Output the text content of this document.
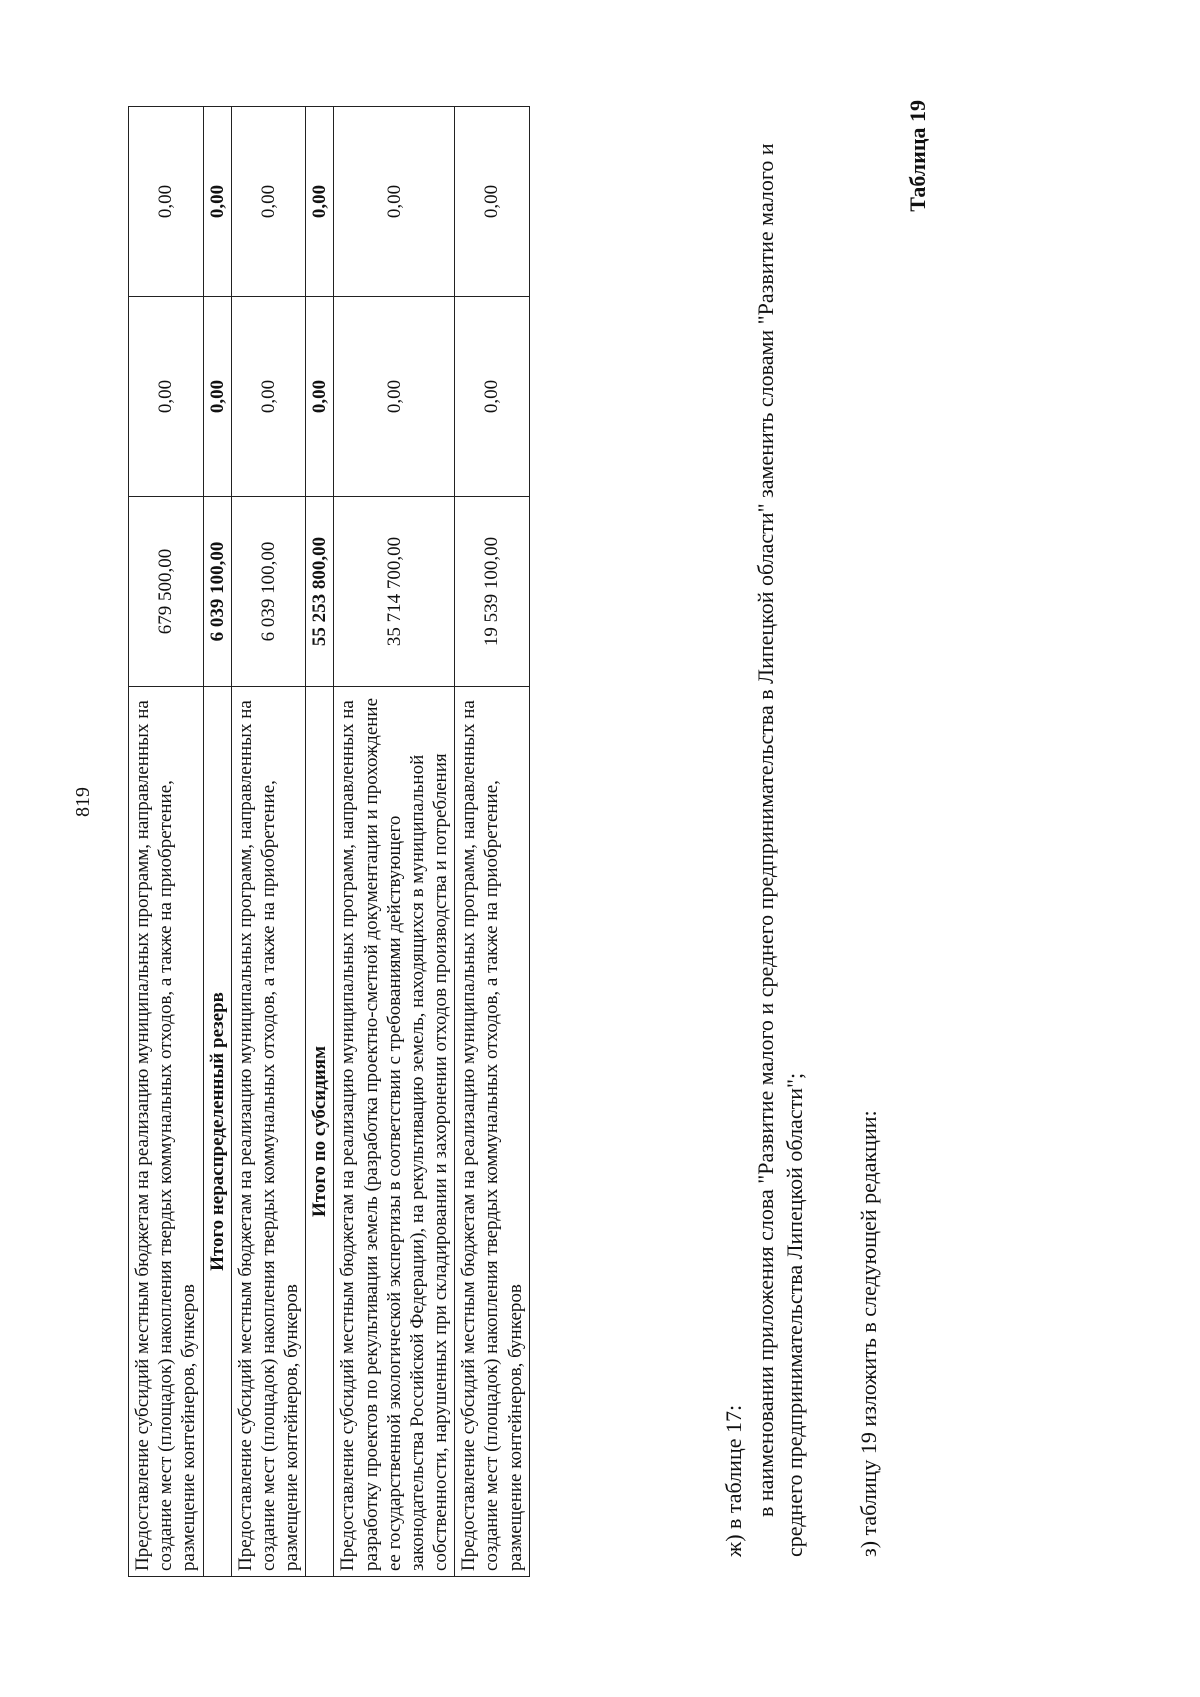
819 Предоставление субсидий местным бюджетам на реализацию муниципальных программ, направленных на создание мест (площадок) накопления твердых коммунальных отходов, а также на приобретение, размещение контейнеров, бункеров	679 500,00	0,00	0,00
Итого нераспределенный резерв	6 039 100,00	0,00	0,00
Предоставление субсидий местным бюджетам на реализацию муниципальных программ, направленных на создание мест (площадок) накопления твердых коммунальных отходов, а также на приобретение, размещение контейнеров, бункеров	6 039 100,00	0,00	0,00
Итого по субсидиям	55 253 800,00	0,00	0,00
Предоставление субсидий местным бюджетам на реализацию муниципальных программ, направленных на разработку проектов по рекультивации земель (разработка проектно-сметной документации и прохождение ее государственной экологической экспертизы в соответствии с требованиями действующего законодательства Российской Федерации), на рекультивацию земель, находящихся в муниципальной собственности, нарушенных при складировании и захоронении отходов производства и потребления	35 714 700,00	0,00	0,00
Предоставление субсидий местным бюджетам на реализацию муниципальных программ, направленных на создание мест (площадок) накопления твердых коммунальных отходов, а также на приобретение, размещение контейнеров, бункеров	19 539 100,00	0,00	0,00
ж) в таблице 17: в наименовании приложения слова "Развитие малого и среднего предпринимательства в Липецкой области" заменить словами "Развитие малого и среднего предпринимательства Липецкой области"; з) таблицу 19 изложить в следующей редакции:
Таблица 19
